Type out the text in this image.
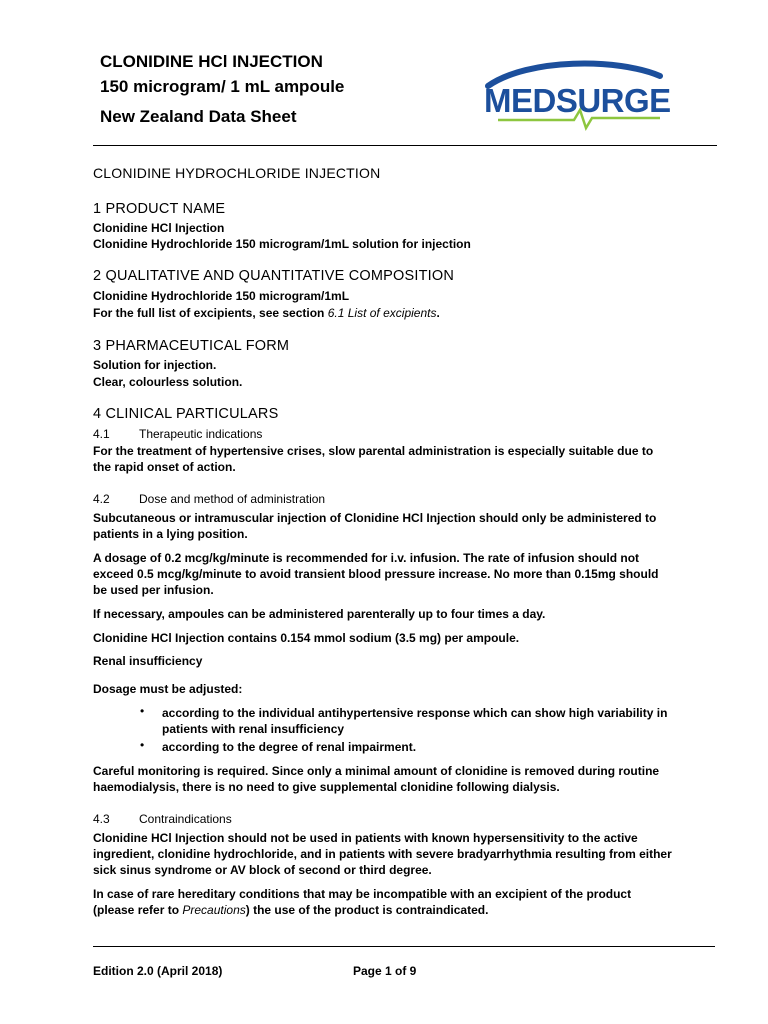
CLONIDINE HCl INJECTION
150 microgram/ 1 mL ampoule
New Zealand Data Sheet	MEDSURGE
CLONIDINE HYDROCHLORIDE INJECTION
1 PRODUCT NAME
Clonidine HCl Injection
Clonidine Hydrochloride 150 microgram/1mL solution for injection
2 QUALITATIVE AND QUANTITATIVE COMPOSITION
Clonidine Hydrochloride 150 microgram/1mL
For the full list of excipients, see section 6.1 List of excipients.
3 PHARMACEUTICAL FORM
Solution for injection.
Clear, colourless solution.
4 CLINICAL PARTICULARS
4.1 Therapeutic indications
For the treatment of hypertensive crises, slow parental administration is especially suitable due to the rapid onset of action.
4.2 Dose and method of administration
Subcutaneous or intramuscular injection of Clonidine HCl Injection should only be administered to patients in a lying position.
A dosage of 0.2 mcg/kg/minute is recommended for i.v. infusion. The rate of infusion should not exceed 0.5 mcg/kg/minute to avoid transient blood pressure increase. No more than 0.15mg should be used per infusion.
If necessary, ampoules can be administered parenterally up to four times a day.
Clonidine HCl Injection contains 0.154 mmol sodium (3.5 mg) per ampoule.
Renal insufficiency
Dosage must be adjusted:
• according to the individual antihypertensive response which can show high variability in patients with renal insufficiency
• according to the degree of renal impairment.
Careful monitoring is required. Since only a minimal amount of clonidine is removed during routine haemodialysis, there is no need to give supplemental clonidine following dialysis.
4.3 Contraindications
Clonidine HCl Injection should not be used in patients with known hypersensitivity to the active ingredient, clonidine hydrochloride, and in patients with severe bradyarrhythmia resulting from either sick sinus syndrome or AV block of second or third degree.
In case of rare hereditary conditions that may be incompatible with an excipient of the product (please refer to Precautions) the use of the product is contraindicated.
Edition 2.0 (April 2018)	Page 1 of 9
